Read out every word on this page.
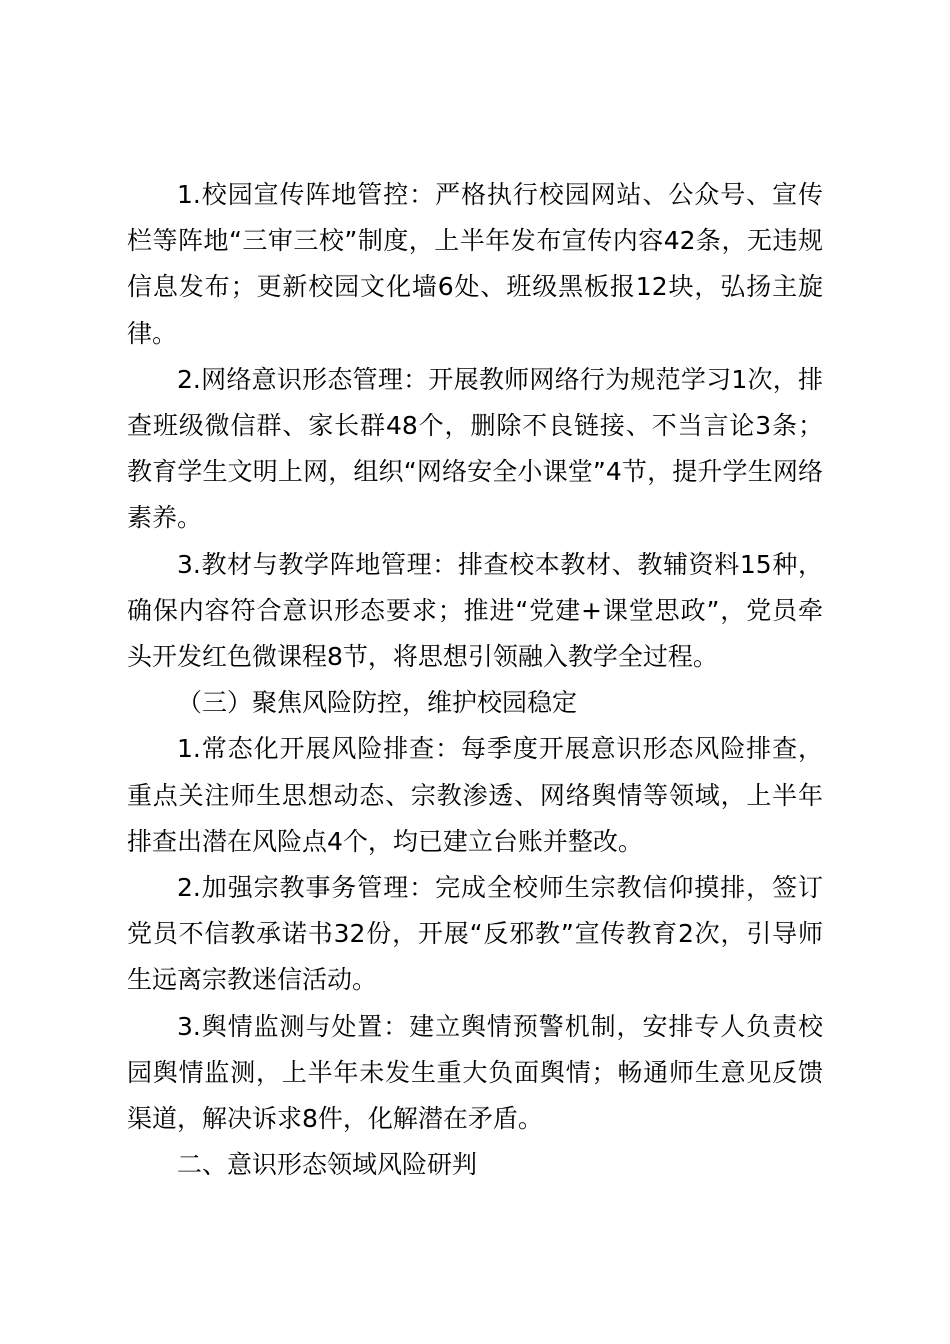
1.校园宣传阵地管控：严格执行校园网站、公众号、宣传栏等阵地“三审三校”制度，上半年发布宣传内容42条，无违规信息发布；更新校园文化墙6处、班级黑板报12块，弘扬主旋律。

2.网络意识形态管理：开展教师网络行为规范学习1次，排查班级微信群、家长群48个，删除不良链接、不当言论3条；教育学生文明上网，组织“网络安全小课堂”4节，提升学生网络素养。

3.教材与教学阵地管理：排查校本教材、教辅资料15种，确保内容符合意识形态要求；推进“党建+课堂思政”，党员牵头开发红色微课程8节，将思想引领融入教学全过程。

（三）聚焦风险防控，维护校园稳定

1.常态化开展风险排查：每季度开展意识形态风险排查，重点关注师生思想动态、宗教渗透、网络舆情等领域，上半年排查出潜在风险点4个，均已建立台账并整改。

2.加强宗教事务管理：完成全校师生宗教信仰摸排，签订党员不信教承诺书32份，开展“反邪教”宣传教育2次，引导师生远离宗教迷信活动。

3.舆情监测与处置：建立舆情预警机制，安排专人负责校园舆情监测，上半年未发生重大负面舆情；畅通师生意见反馈渠道，解决诉求8件，化解潜在矛盾。

二、意识形态领域风险研判
